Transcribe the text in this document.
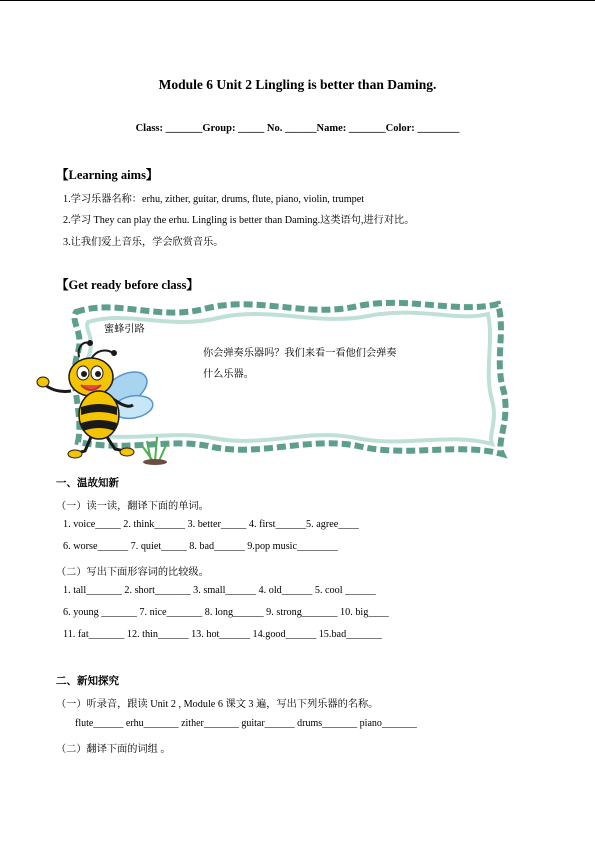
Module 6 Unit 2 Lingling is better than Daming.
Class: _______Group: _____ No. ______Name: _______Color: ________
【Learning aims】
1.学习乐器名称：erhu, zither, guitar, drums, flute, piano, violin, trumpet
2.学习 They can play the erhu. Lingling is better than Daming.这类语句,进行对比。
3.让我们爱上音乐，学会欣赏音乐。
【Get ready before class】
蜜蜂引路
你会弹奏乐器吗？我们来看一看他们会弹奏
什么乐器。
一、温故知新
（一）读一读，翻译下面的单词。
1. voice_____ 2. think______ 3. better_____ 4. first______5. agree____
6. worse______ 7. quiet_____ 8. bad______ 9.pop music________
（二）写出下面形容词的比较级。
1. tall_______ 2. short_______ 3. small______ 4. old______ 5. cool ______
6. young _______ 7. nice_______ 8. long______ 9. strong_______ 10. big____
11. fat_______ 12. thin______ 13. hot______ 14.good______ 15.bad_______
二、新知探究
（一）听录音，跟读 Unit 2 , Module 6 课文 3 遍，写出下列乐器的名称。
flute______ erhu_______ zither_______ guitar______ drums_______ piano_______
（二）翻译下面的词组 。
